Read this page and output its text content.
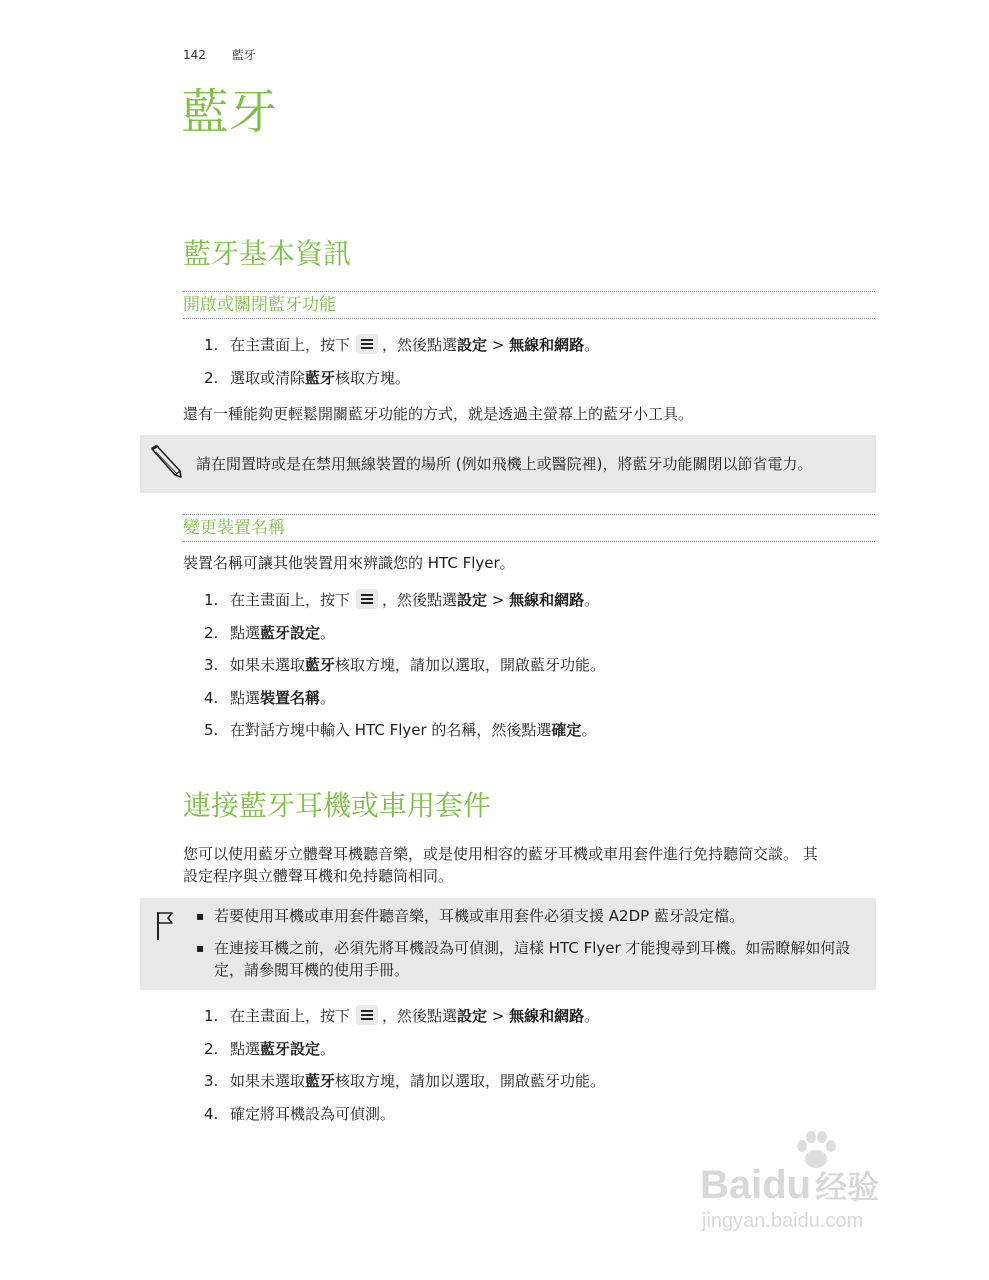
142 藍牙
藍牙
藍牙基本資訊
開啟或關閉藍牙功能
1. 在主畫面上，按下 ，然後點選設定 > 無線和網路。
2. 選取或清除藍牙核取方塊。
還有一種能夠更輕鬆開關藍牙功能的方式，就是透過主螢幕上的藍牙小工具。
請在閒置時或是在禁用無線裝置的場所 (例如飛機上或醫院裡)，將藍牙功能關閉以節省電力。
變更裝置名稱
裝置名稱可讓其他裝置用來辨識您的 HTC Flyer。
1. 在主畫面上，按下 ，然後點選設定 > 無線和網路。
2. 點選藍牙設定。
3. 如果未選取藍牙核取方塊，請加以選取，開啟藍牙功能。
4. 點選裝置名稱。
5. 在對話方塊中輸入 HTC Flyer 的名稱，然後點選確定。
連接藍牙耳機或車用套件
您可以使用藍牙立體聲耳機聽音樂，或是使用相容的藍牙耳機或車用套件進行免持聽筒交談。 其
設定程序與立體聲耳機和免持聽筒相同。
▪ 若要使用耳機或車用套件聽音樂，耳機或車用套件必須支援 A2DP 藍牙設定檔。
▪ 在連接耳機之前，必須先將耳機設為可偵測，這樣 HTC Flyer 才能搜尋到耳機。如需瞭解如何設定，請參閱耳機的使用手冊。
1. 在主畫面上，按下 ，然後點選設定 > 無線和網路。
2. 點選藍牙設定。
3. 如果未選取藍牙核取方塊，請加以選取，開啟藍牙功能。
4. 確定將耳機設為可偵測。
Baidu 经验
jingyan.baidu.com
